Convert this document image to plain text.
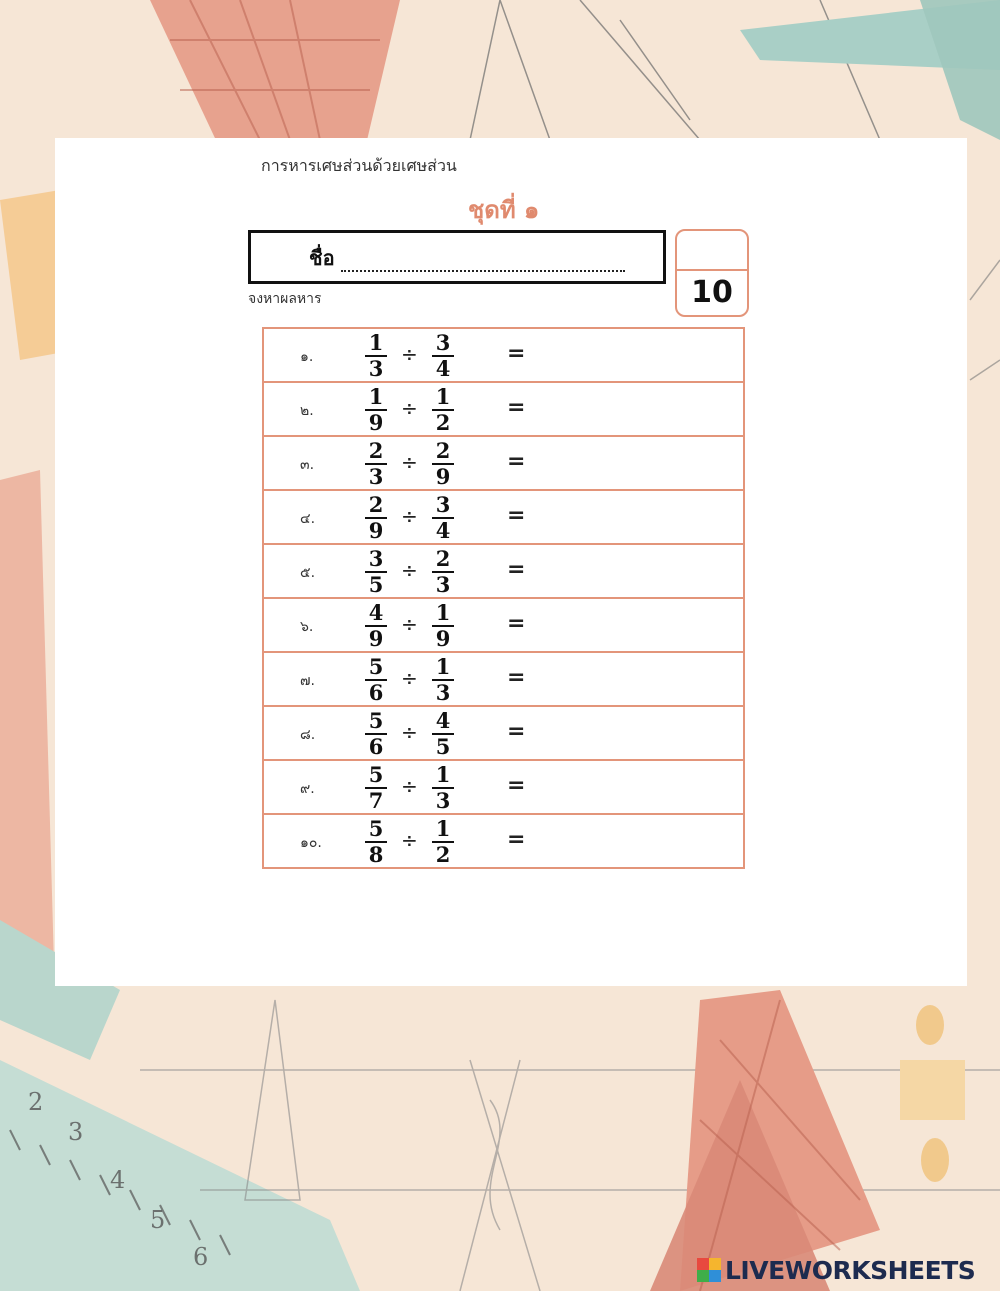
2
3
4
5
6
การหารเศษส่วนด้วยเศษส่วน
ชุดที่ ๑
ชื่อ
10
จงหาผลหาร
๑.
1
3
÷ 3
4
=
๒.
1
9
÷ 1
2
=
๓.
2
3
÷ 2
9
=
๔.
2
9
÷ 3
4
=
๕.
3
5
÷ 2
3
=
๖.
4
9
÷ 1
9
=
๗.
5
6
÷ 1
3
=
๘.
5
6
÷ 4
5
=
๙.
5
7
÷ 1
3
=
๑๐.
5
8
÷ 1
2
=
LIVEWORKSHEETS
